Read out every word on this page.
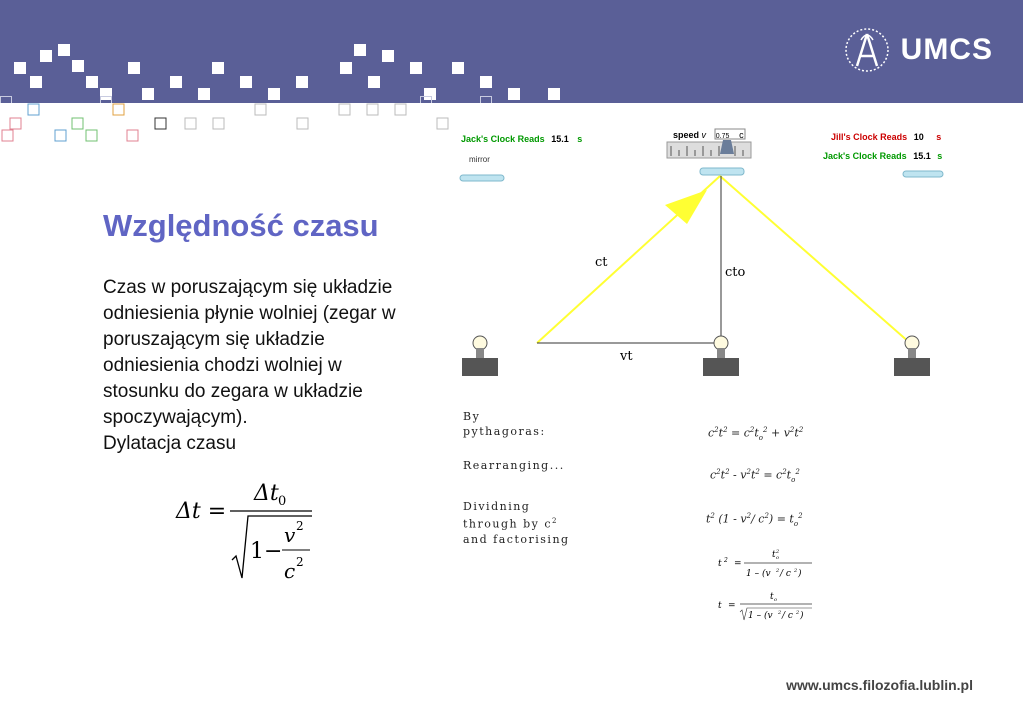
UMCS
Względność czasu
Czas w poruszającym się układzie
odniesienia płynie wolniej (zegar w
poruszającym się układzie
odniesienia chodzi wolniej w
stosunku do zegara w układzie
spoczywającym).
Dylatacja czasu
Δt =
Δt 0
1−
v 2
c 2
ct
cto
vt
Jack's Clock Reads 15.1 s
mirror
speed v 0.75 c	Jill's Clock Reads 10 s
Jack's Clock Reads 15.1 s
By
pythagoras:
Rearranging...
Dividning
through by $c^2$
and factorising
$c^2t^2 = c^2t_o^2 + v^2t^2$
$c^2t^2 - v^2t^2 = c^2t_o^2$
$t^2$ ($1 - v^2/$ $c^2) = t_o^2$
t 2 =
t o
2
1 – (v 2 / c 2 )
t =
t o
1 – (v 2 / c 2 )
www.umcs.filozofia.lublin.pl
